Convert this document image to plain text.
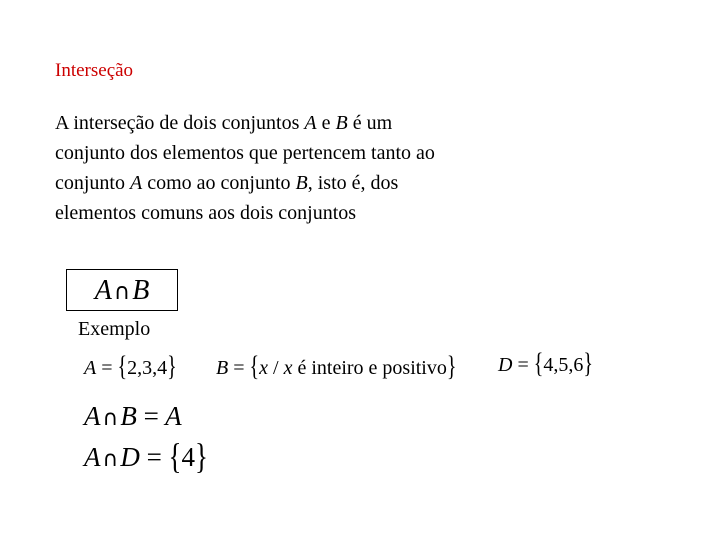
Interseção
A interseção de dois conjuntos A e B é um
conjunto dos elementos que pertencem tanto ao
conjunto A como ao conjunto B, isto é, dos
elementos comuns aos dois conjuntos
A∩B
Exemplo
A = {2,3,4} B = {x / x é inteiro e positivo} D = {4,5,6}
A∩B = A
A∩D = {4}
